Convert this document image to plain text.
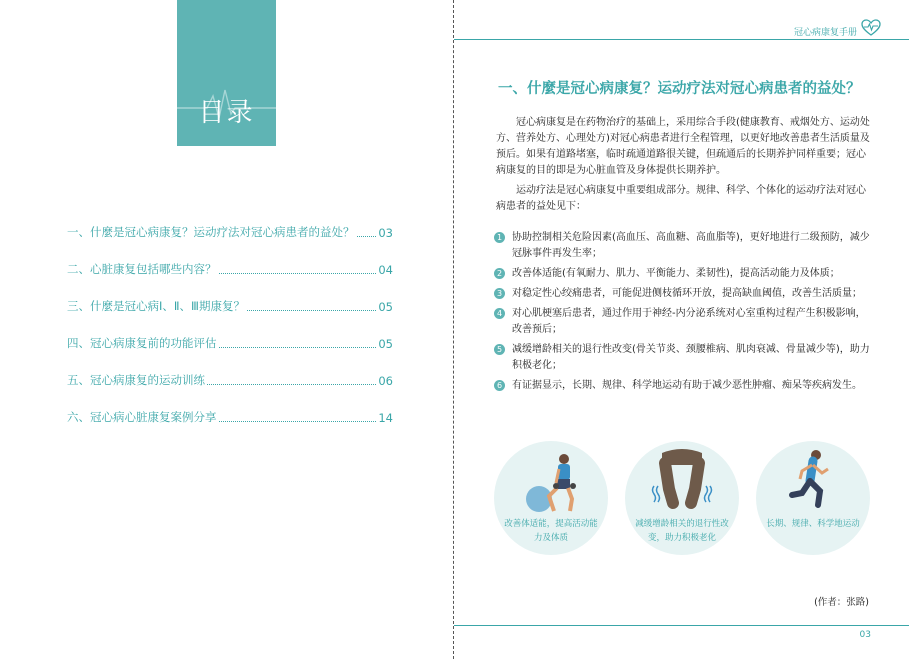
目录
一、什麼是冠心病康复？运动疗法对冠心病患者的益处？ 03
二、心脏康复包括哪些内容？	04
三、什麼是冠心病Ⅰ、Ⅱ、Ⅲ期康复？	05
四、冠心病康复前的功能评估	05
五、冠心病康复的运动训练	06
六、冠心病心脏康复案例分享	14
冠心病康复手册
一、什麼是冠心病康复？运动疗法对冠心病患者的益处？

冠心病康复是在药物治疗的基础上，采用综合手段(健康教育、戒烟处方、运动处方、营养处方、心理处方)对冠心病患者进行全程管理，以更好地改善患者生活质量及预后。如果有道路堵塞，临时疏通道路很关键，但疏通后的长期养护同样重要；冠心病康复的目的即是为心脏血管及身体提供长期养护。

运动疗法是冠心病康复中重要组成部分。规律、科学、个体化的运动疗法对冠心病患者的益处见下：

1 协助控制相关危险因素(高血压、高血糖、高血脂等)，更好地进行二级预防，减少冠脉事件再发生率；
2 改善体适能(有氧耐力、肌力、平衡能力、柔韧性)，提高活动能力及体质；
3 对稳定性心绞痛患者，可能促进侧枝循环开放，提高缺血阈值，改善生活质量；
4 对心肌梗塞后患者，通过作用于神经-内分泌系统对心室重构过程产生积极影响，改善预后；
5 减缓增龄相关的退行性改变(骨关节炎、颈腰椎病、肌肉衰减、骨量减少等)，助力积极老化；
6 有证据显示，长期、规律、科学地运动有助于减少恶性肿瘤、痴呆等疾病发生。
改善体适能，提高活动能力及体质
减缓增龄相关的退行性改变，助力积极老化
长期、规律、科学地运动
(作者：张路)
03
